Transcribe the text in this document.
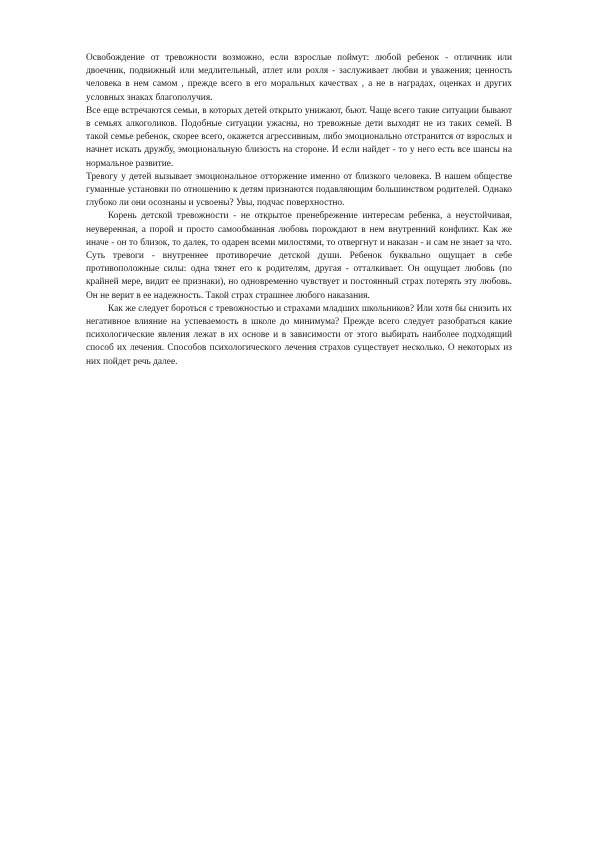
Освобождение от тревожности возможно, если взрослые поймут: любой ребенок - отличник или двоечник, подвижный или медлительный, атлет или рохля - заслуживает любви и уважения; ценность человека в нем самом , прежде всего в его моральных качествах , а не в наградах, оценках и других условных знаках благополучия.

Все еще встречаются семьи, в которых детей открыто унижают, бьют. Чаще всего такие ситуации бывают в семьях алкоголиков. Подобные ситуации ужасны, но тревожные дети выходят не из таких семей. В такой семье ребенок, скорее всего, окажется агрессивным, либо эмоционально отстранится от взрослых и начнет искать дружбу, эмоциональную близость на стороне. И если найдет - то у него есть все шансы на нормальное развитие.

Тревогу у детей вызывает эмоциональное отторжение именно от близкого человека. В нашем обществе гуманные установки по отношению к детям признаются подавляющим большинством родителей. Однако глубоко ли они осознаны и усвоены? Увы, подчас поверхностно.

Корень детской тревожности - не открытое пренебрежение интересам ребенка, а неустойчивая, неуверенная, а порой и просто самообманная любовь порождают в нем внутренний конфликт. Как же иначе - он то близок, то далек, то одарен всеми милостями, то отвергнут и наказан - и сам не знает за что. Суть тревоги - внутреннее противоречие детской души. Ребенок буквально ощущает в себе противоположные силы: одна тянет его к родителям, другая - отталкивает. Он ощущает любовь (по крайней мере, видит ее признаки), но одновременно чувствует и постоянный страх потерять эту любовь. Он не верит в ее надежность. Такой страх страшнее любого наказания.

Как же следует бороться с тревожностью и страхами младших школьников? Или хотя бы снизить их негативное влияние на успеваемость в школе до минимума? Прежде всего следует разобраться какие психологические явления лежат в их основе и в зависимости от этого выбирать наиболее подходящий способ их лечения. Способов психологического лечения страхов существует несколько. О некоторых из них пойдет речь далее.
